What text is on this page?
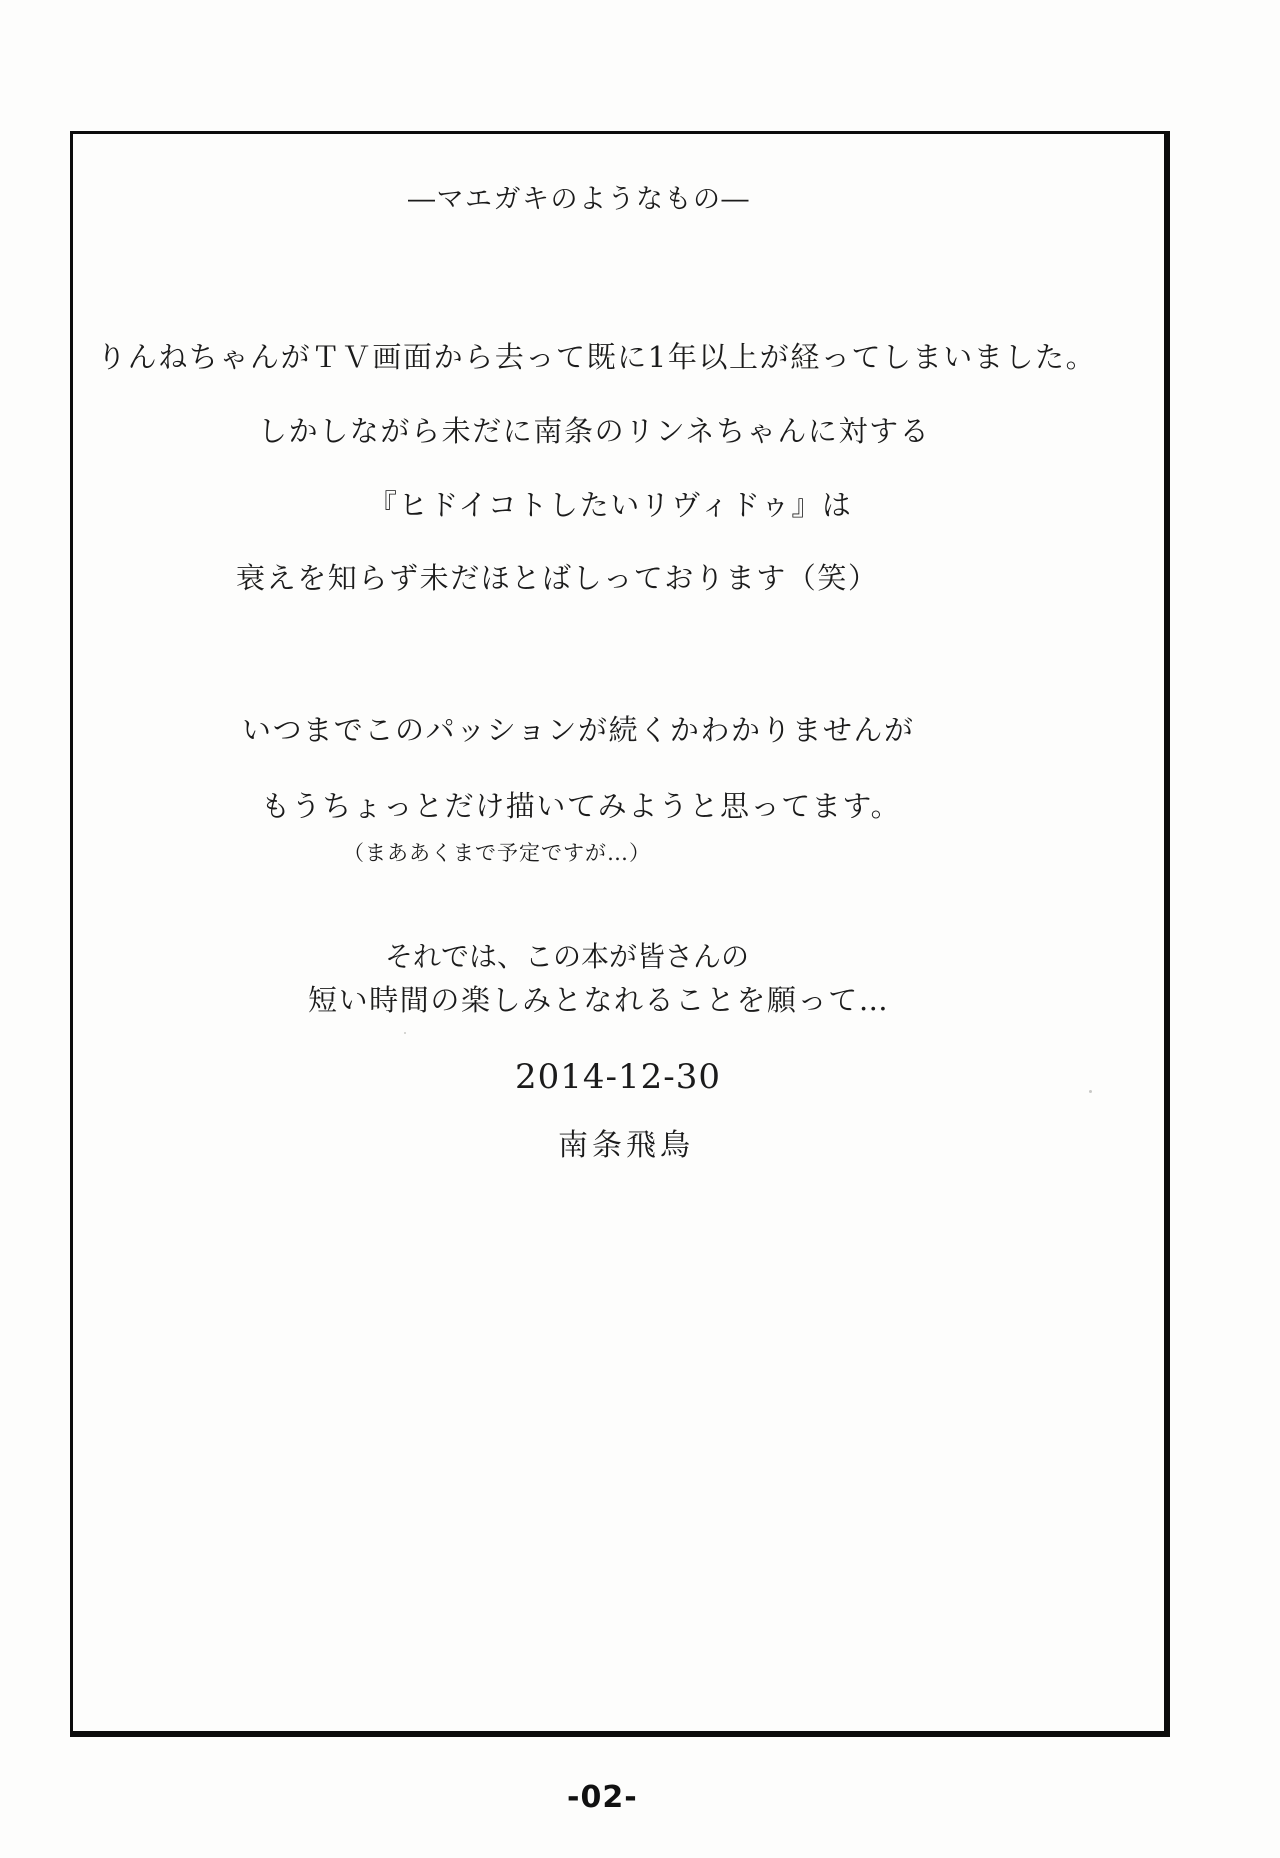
―マエガキのようなもの―
りんねちゃんがＴＶ画面から去って既に1年以上が経ってしまいました。
しかしながら未だに南条のリンネちゃんに対する
『ヒドイコトしたいリヴィドゥ』は
衰えを知らず未だほとばしっております（笑）
いつまでこのパッションが続くかわかりませんが
もうちょっとだけ描いてみようと思ってます。
（まああくまで予定ですが…）
それでは、この本が皆さんの
短い時間の楽しみとなれることを願って…
2014-12-30
南条飛鳥
-02-
